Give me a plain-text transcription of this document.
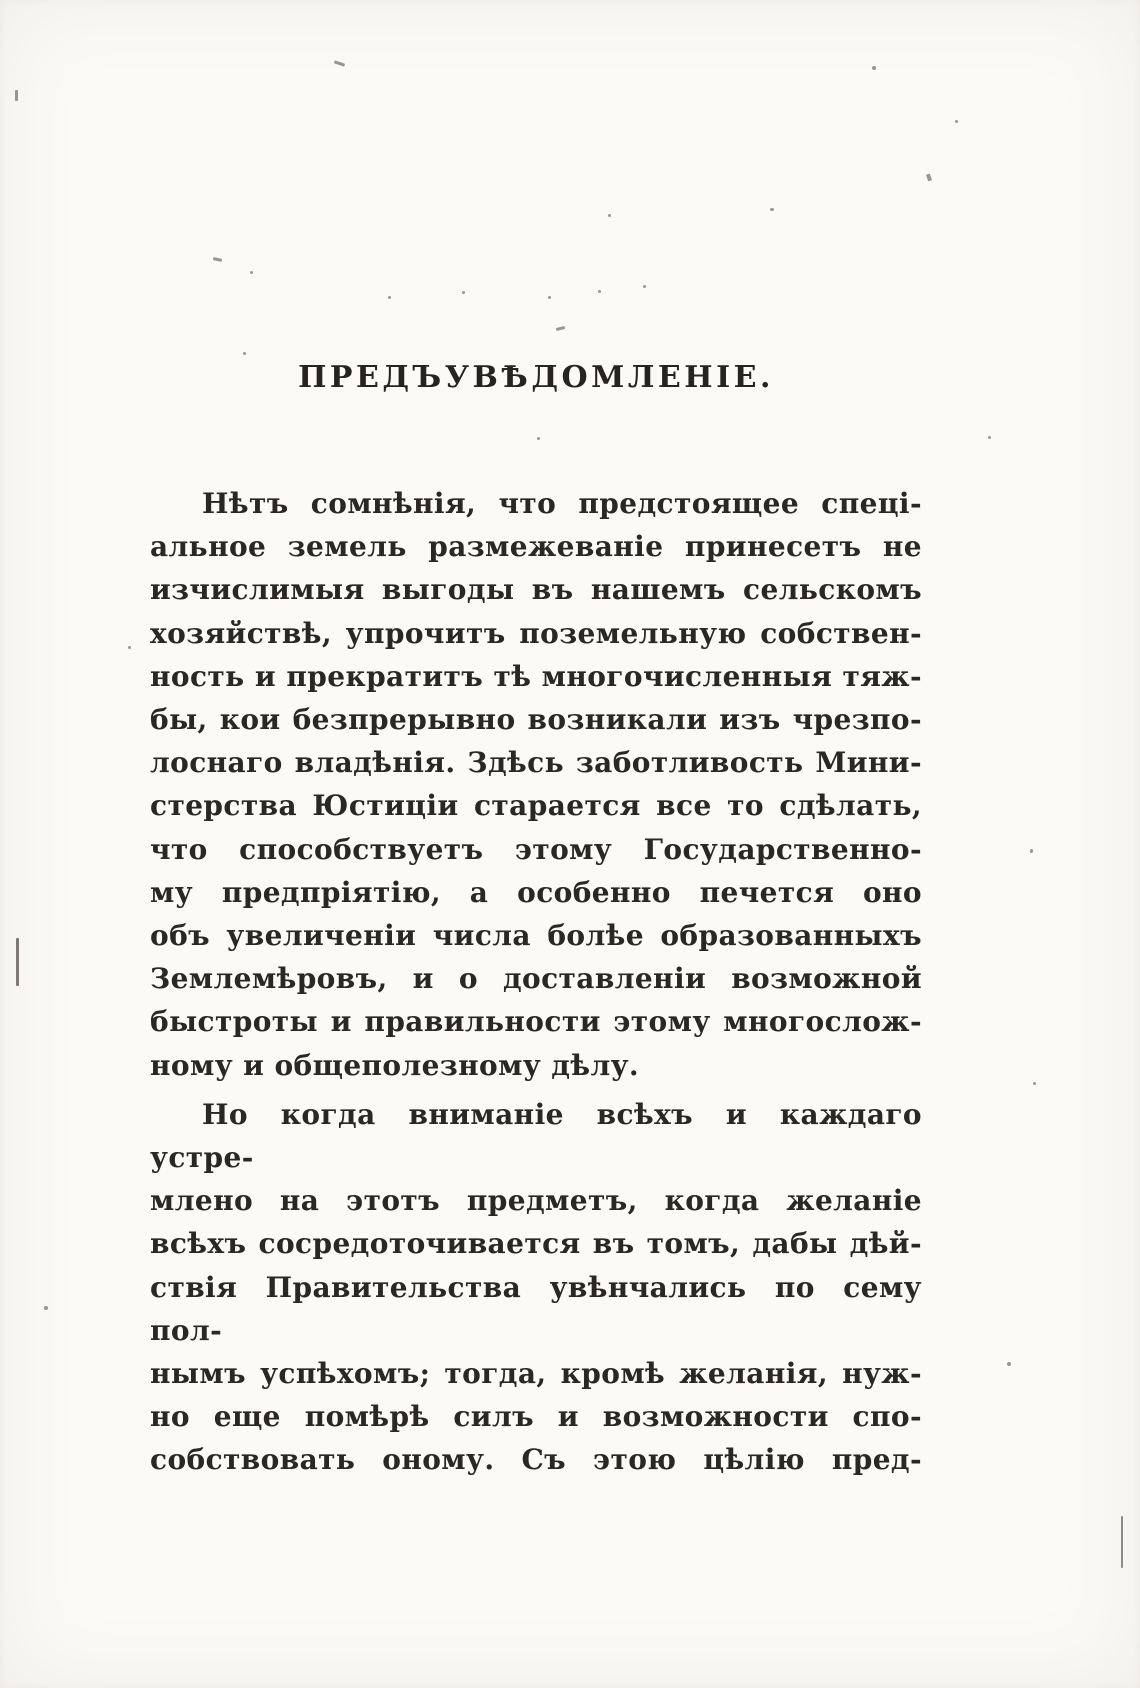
ПРЕДЪУВѢДОМЛЕНІЕ.
Нѣтъ сомнѣнія, что предстоящее спеці-
альное земель размежеваніе принесетъ не
изчислимыя выгоды въ нашемъ сельскомъ
хозяйствѣ, упрочитъ поземельную собствен-
ность и прекратитъ тѣ многочисленныя тяж-
бы, кои безпрерывно возникали изъ чрезпо-
лоснаго владѣнія. Здѣсь заботливость Мини-
стерства Юстиціи старается все то сдѣлать,
что способствуетъ этому Государственно-
му предпріятію, а особенно печется оно
объ увеличеніи числа болѣе образованныхъ
Землемѣровъ, и о доставленіи возможной
быстроты и правильности этому многослож-
ному и общеполезному дѣлу.
Но когда вниманіе всѣхъ и каждаго устре-
млено на этотъ предметъ, когда желаніе
всѣхъ сосредоточивается въ томъ, дабы дѣй-
ствія Правительства увѣнчались по сему пол-
нымъ успѣхомъ; тогда, кромѣ желанія, нуж-
но еще помѣрѣ силъ и возможности спо-
собствовать оному. Съ этою цѣлію пред-
